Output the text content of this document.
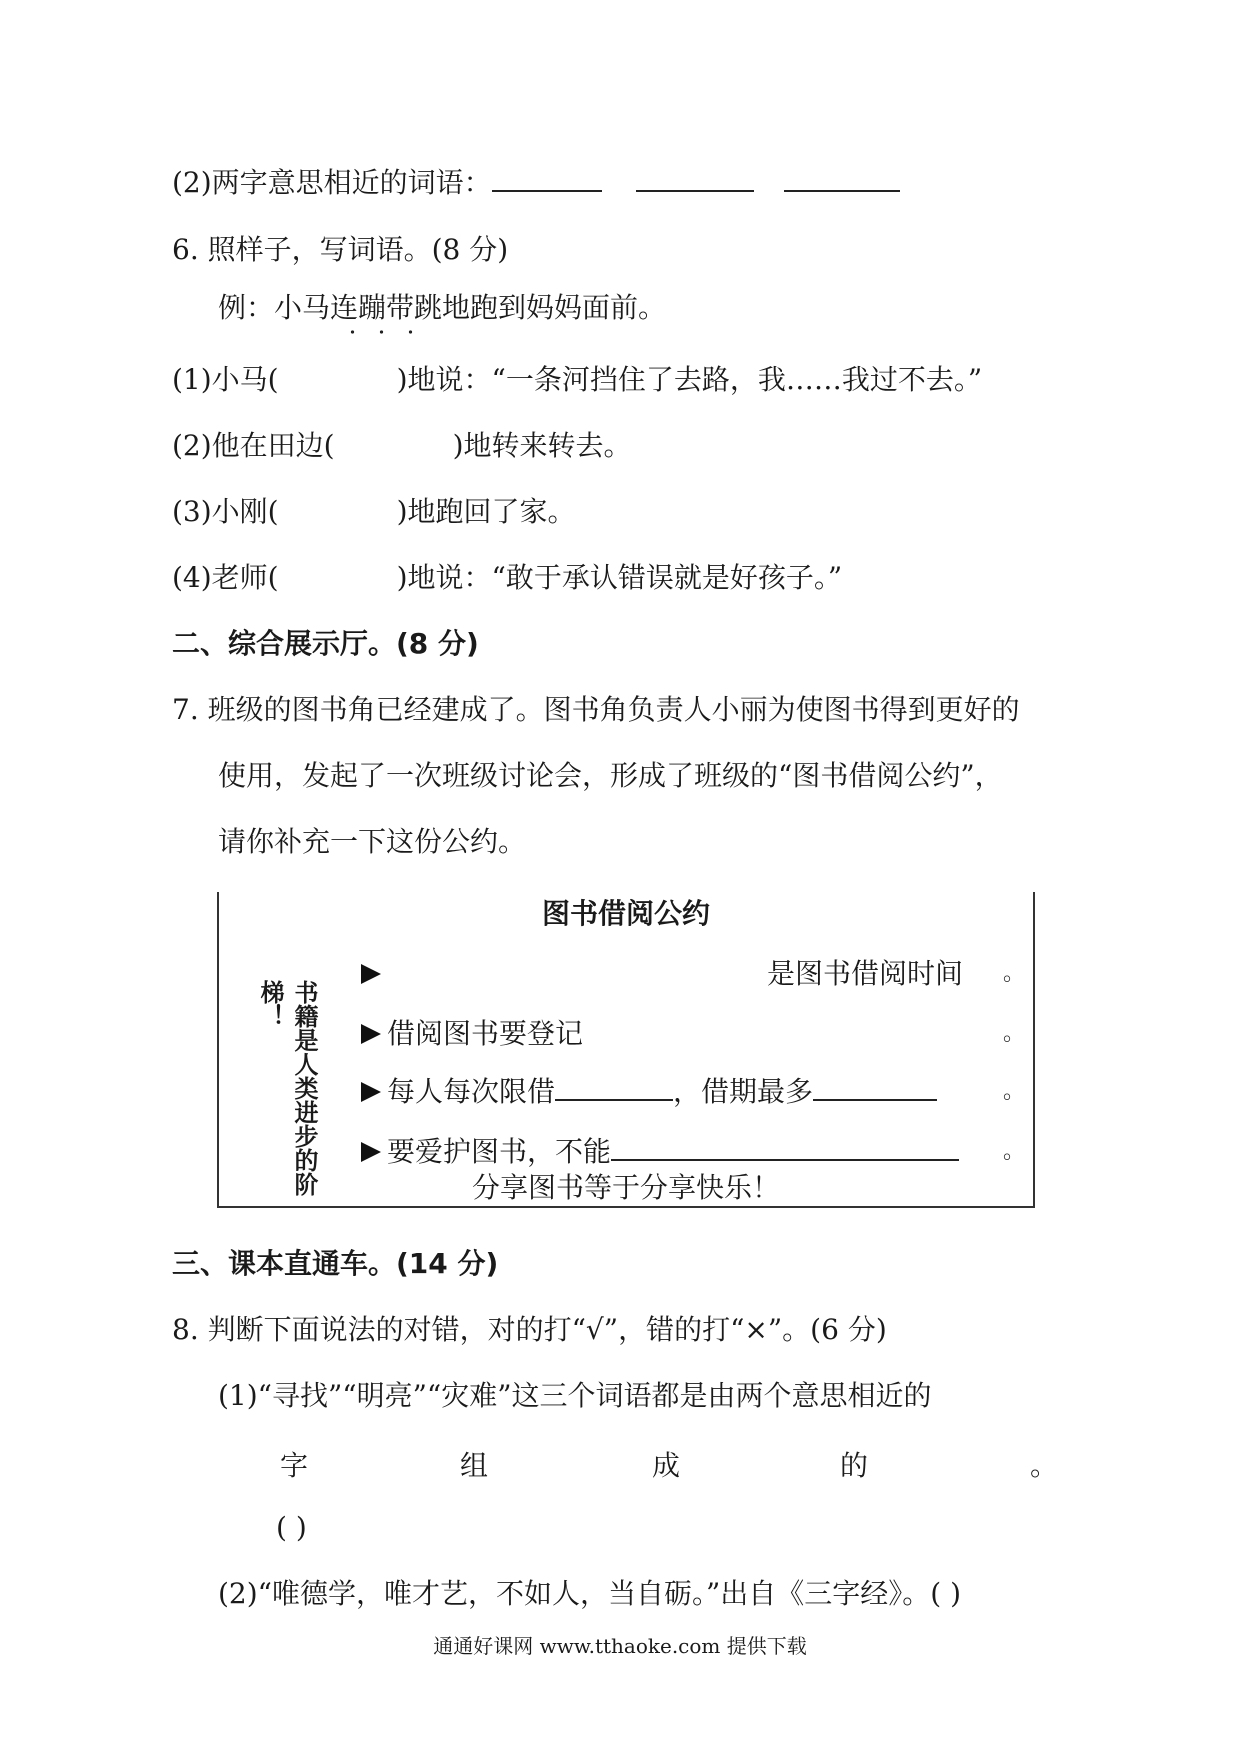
(2)两字意思相近的词语：
6. 照样子，写词语。(8 分)
例：小马连蹦带跳地跑到妈妈面前。
(1)小马(	)地说：“一条河挡住了去路，我……我过不去。”
(2)他在田边(	)地转来转去。
(3)小刚(	)地跑回了家。
(4)老师(	)地说：“敢于承认错误就是好孩子。”
二、综合展示厅。(8 分)
7. 班级的图书角已经建成了。图书角负责人小丽为使图书得到更好的
使用，发起了一次班级讨论会，形成了班级的“图书借阅公约”，
请你补充一下这份公约。
图书借阅公约
书籍是人类进步的阶梯！
是图书借阅时间	。
借阅图书要登记	。
每人每次限借	，借期最多	。
要爱护图书，不能	。
分享图书等于分享快乐！
三、课本直通车。(14 分)
8. 判断下面说法的对错，对的打“√”，错的打“×”。(6 分)
(1)“寻找”“明亮”“灾难”这三个词语都是由两个意思相近的
字	组	成	的	。
( )
(2)“唯德学，唯才艺，不如人，当自砺。”出自《三字经》。( )
通通好课网 www.tthaoke.com 提供下载
